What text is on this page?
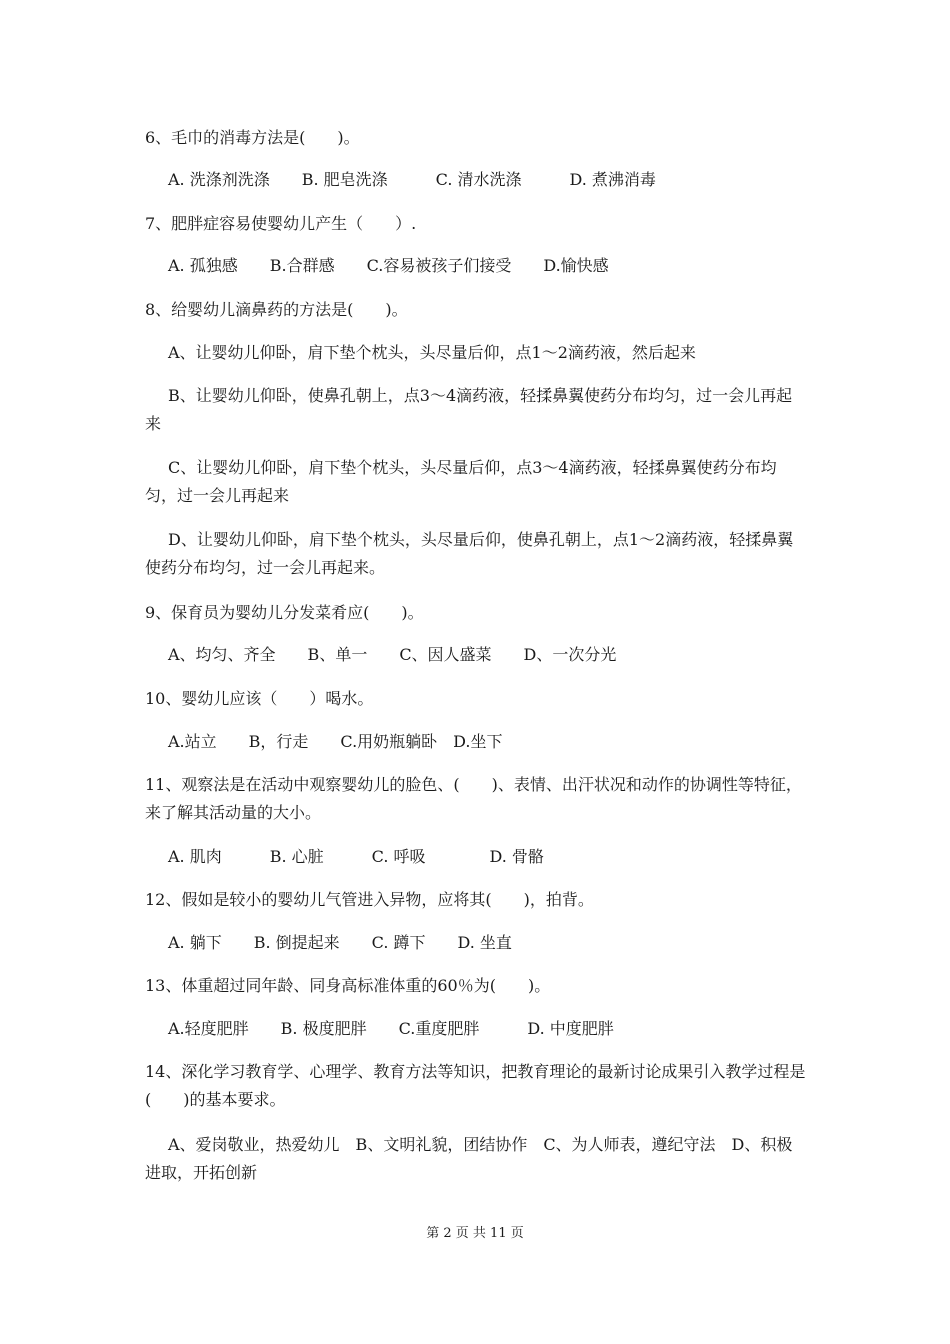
6、毛巾的消毒方法是(　　)。
A. 洗涤剂洗涤　　B. 肥皂洗涤　　　C. 清水洗涤　　　D. 煮沸消毒
7、肥胖症容易使婴幼儿产生（　　）.
A. 孤独感　　B.合群感　　C.容易被孩子们接受　　D.愉快感
8、给婴幼儿滴鼻药的方法是(　　)。
A、让婴幼儿仰卧，肩下垫个枕头，头尽量后仰，点1～2滴药液，然后起来
B、让婴幼儿仰卧，使鼻孔朝上，点3～4滴药液，轻揉鼻翼使药分布均匀，过一会儿再起来
C、让婴幼儿仰卧，肩下垫个枕头，头尽量后仰，点3～4滴药液，轻揉鼻翼使药分布均匀，过一会儿再起来
D、让婴幼儿仰卧，肩下垫个枕头，头尽量后仰，使鼻孔朝上，点1～2滴药液，轻揉鼻翼使药分布均匀，过一会儿再起来。
9、保育员为婴幼儿分发菜肴应(　　)。
A、均匀、齐全　　B、单一　　C、因人盛菜　　D、一次分光
10、婴幼儿应该（　　）喝水。
A.站立　　B，行走　　C.用奶瓶躺卧　D.坐下
11、观察法是在活动中观察婴幼儿的脸色、(　　)、表情、出汗状况和动作的协调性等特征，来了解其活动量的大小。
A. 肌肉　　　B. 心脏　　　C. 呼吸　　　　D. 骨骼
12、假如是较小的婴幼儿气管进入异物，应将其(　　)，拍背。
A. 躺下　　B. 倒提起来　　C. 蹲下　　D. 坐直
13、体重超过同年龄、同身高标准体重的60％为(　　)。
A.轻度肥胖　　B. 极度肥胖　　C.重度肥胖　　　D. 中度肥胖
14、深化学习教育学、心理学、教育方法等知识，把教育理论的最新讨论成果引入教学过程是(　　)的基本要求。
A、爱岗敬业，热爱幼儿　B、文明礼貌，团结协作　C、为人师表，遵纪守法　D、积极进取，开拓创新
第 2 页 共 11 页
